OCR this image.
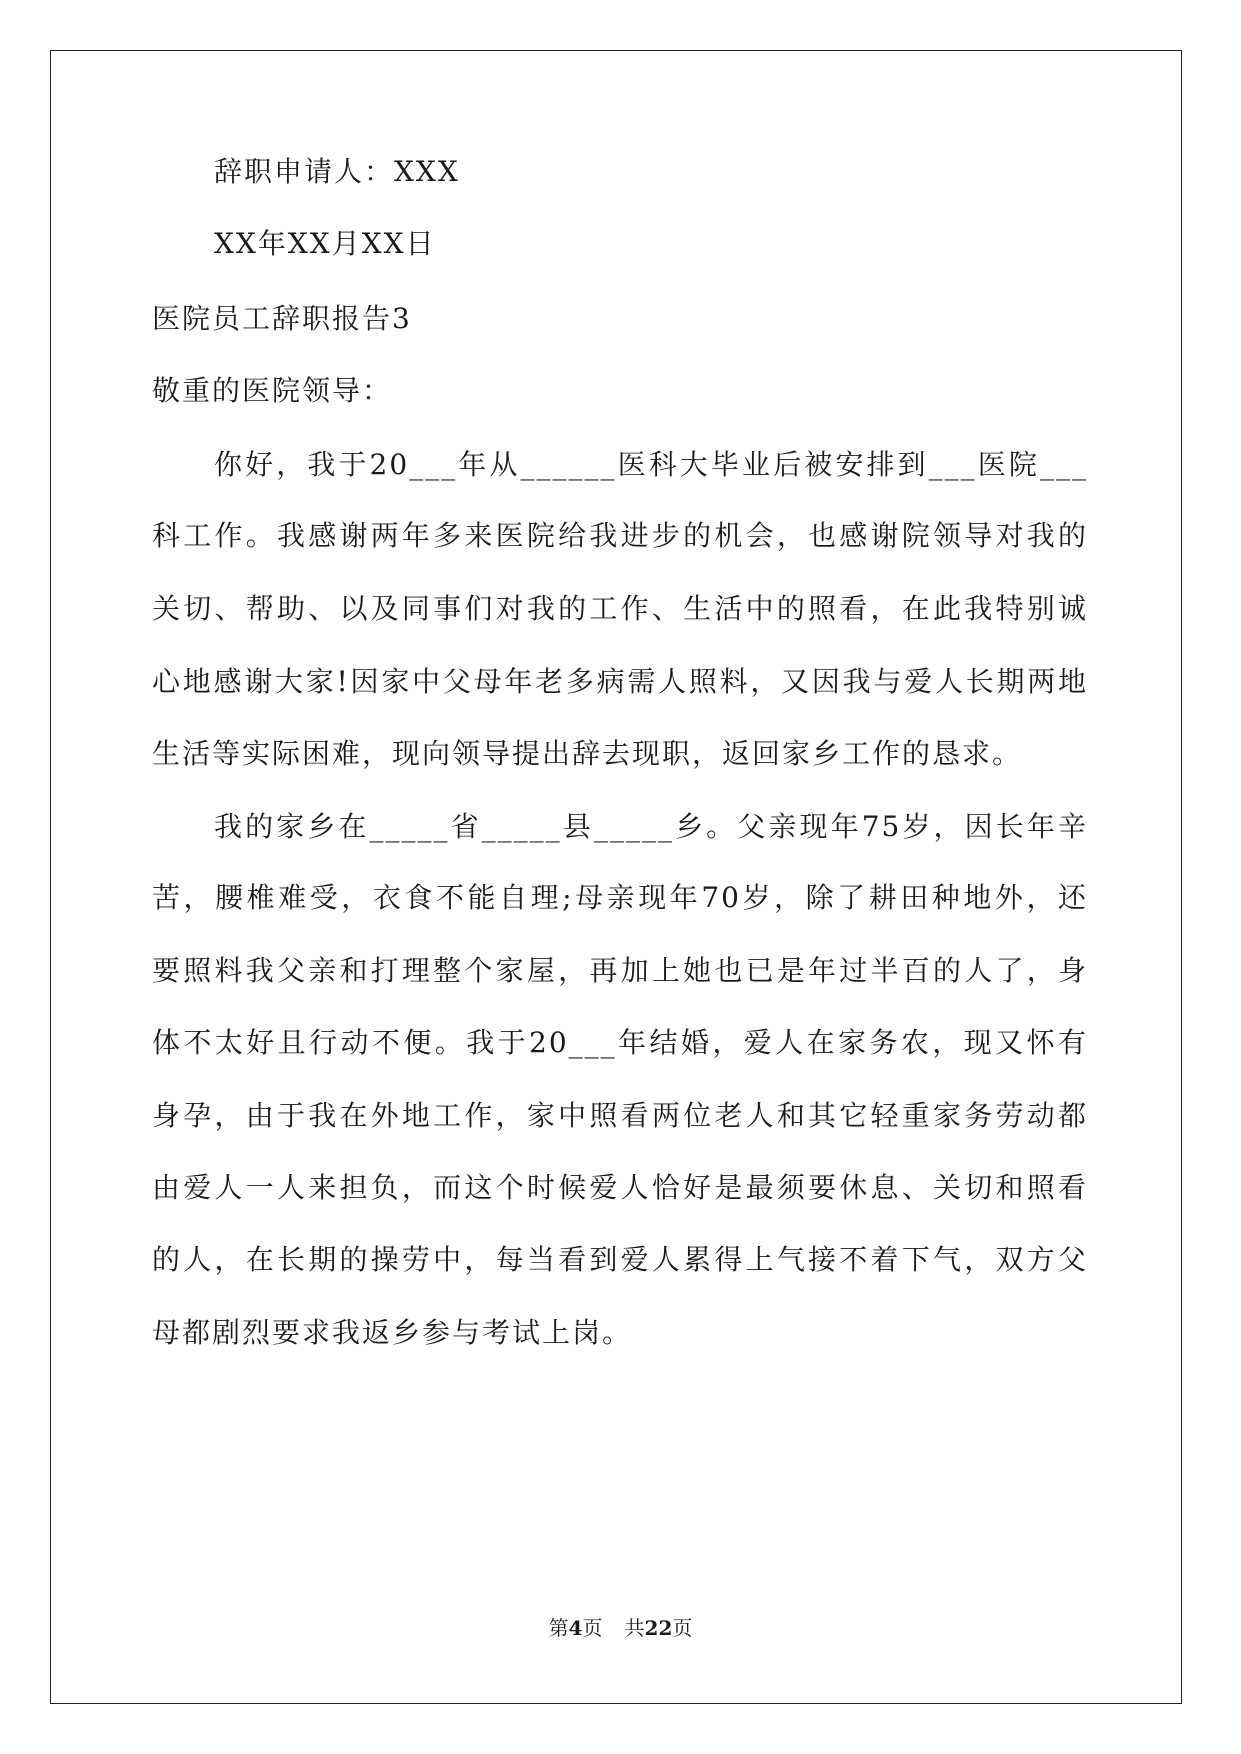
辞职申请人：XXX
XX年XX月XX日
医院员工辞职报告3
敬重的医院领导：
你好，我于20___年从______医科大毕业后被安排到___医院___
科工作。我感谢两年多来医院给我进步的机会，也感谢院领导对我的
关切、帮助、以及同事们对我的工作、生活中的照看，在此我特别诚
心地感谢大家!因家中父母年老多病需人照料，又因我与爱人长期两地
生活等实际困难，现向领导提出辞去现职，返回家乡工作的恳求。
我的家乡在_____省_____县_____乡。父亲现年75岁，因长年辛
苦，腰椎难受，衣食不能自理;母亲现年70岁，除了耕田种地外，还
要照料我父亲和打理整个家屋，再加上她也已是年过半百的人了，身
体不太好且行动不便。我于20___年结婚，爱人在家务农，现又怀有
身孕，由于我在外地工作，家中照看两位老人和其它轻重家务劳动都
由爱人一人来担负，而这个时候爱人恰好是最须要休息、关切和照看
的人，在长期的操劳中，每当看到爱人累得上气接不着下气，双方父
母都剧烈要求我返乡参与考试上岗。
第4页 共22页
